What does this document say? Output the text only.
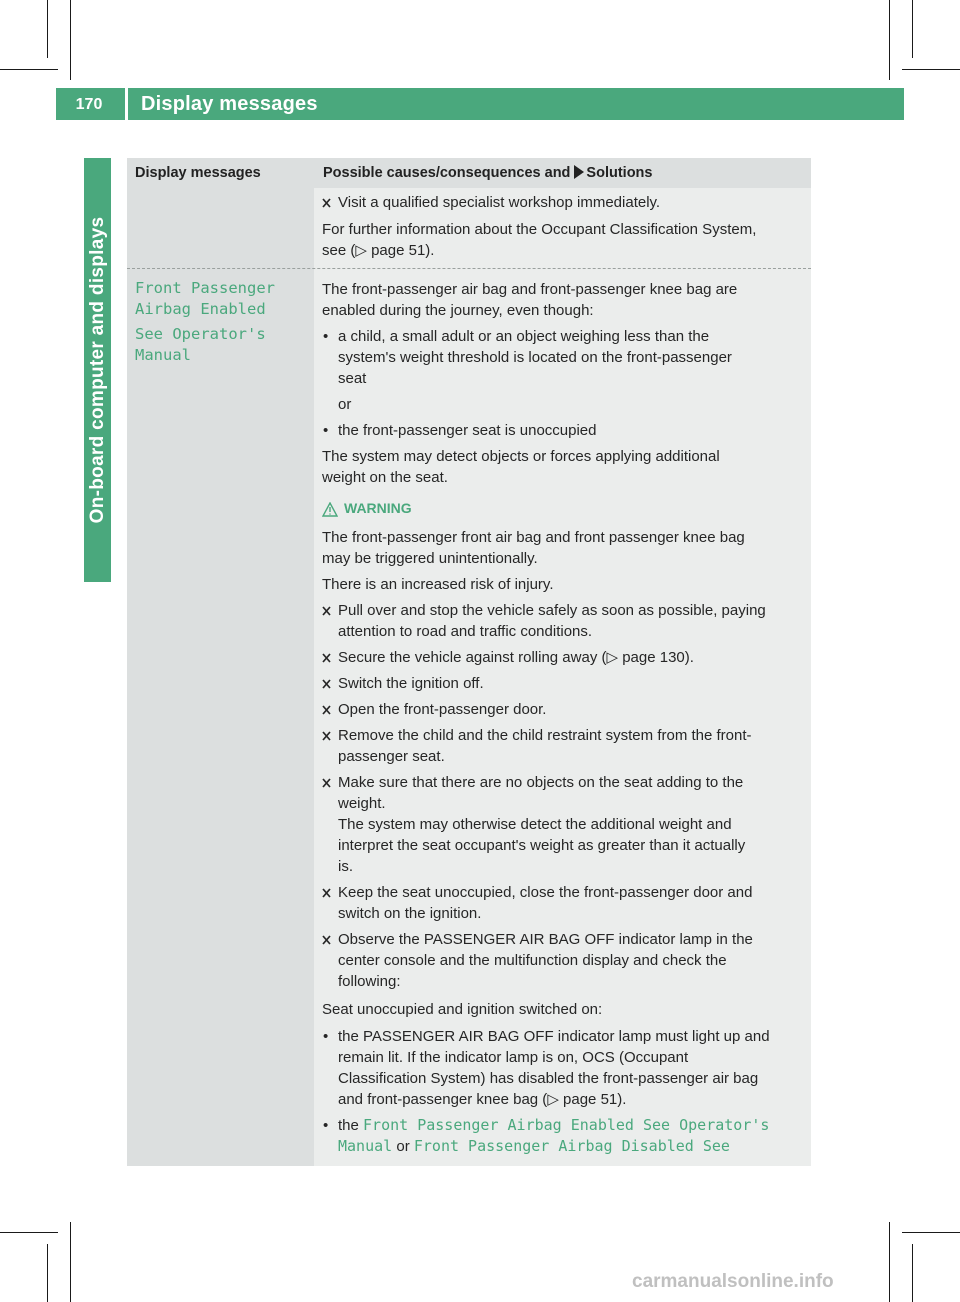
170	Display messages
On-board computer and displays
Display messages	Possible causes/consequences and Solutions
Visit a qualified specialist workshop immediately.
For further information about the Occupant Classification System,
see (▷ page 51).
Front Passenger
Airbag Enabled
See Operator's
Manual
The front-passenger air bag and front-passenger knee bag are
enabled during the journey, even though:
• a child, a small adult or an object weighing less than the
system's weight threshold is located on the front-passenger
seat
or
• the front-passenger seat is unoccupied
The system may detect objects or forces applying additional
weight on the seat.
WARNING
The front-passenger front air bag and front passenger knee bag
may be triggered unintentionally.
There is an increased risk of injury.
Pull over and stop the vehicle safely as soon as possible, paying
attention to road and traffic conditions.
Secure the vehicle against rolling away (▷ page 130).
Switch the ignition off.
Open the front-passenger door.
Remove the child and the child restraint system from the front-
passenger seat.
Make sure that there are no objects on the seat adding to the
weight.
The system may otherwise detect the additional weight and
interpret the seat occupant's weight as greater than it actually
is.
Keep the seat unoccupied, close the front-passenger door and
switch on the ignition.
Observe the PASSENGER AIR BAG OFF indicator lamp in the
center console and the multifunction display and check the
following:
Seat unoccupied and ignition switched on:
• the PASSENGER AIR BAG OFF indicator lamp must light up and
remain lit. If the indicator lamp is on, OCS (Occupant
Classification System) has disabled the front-passenger air bag
and front-passenger knee bag (▷ page 51).
• the Front Passenger Airbag Enabled See Operator's
Manual or Front Passenger Airbag Disabled See
carmanualsonline.info
